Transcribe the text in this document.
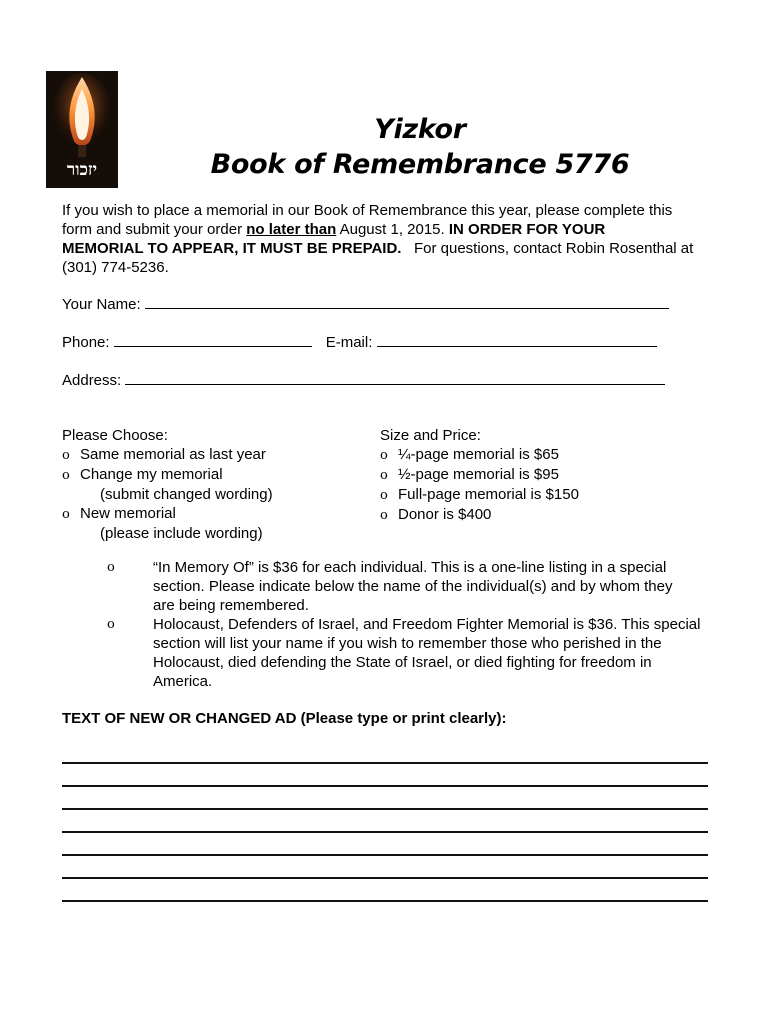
יזכור
Yizkor
Book of Remembrance 5776
If you wish to place a memorial in our Book of Remembrance this year, please complete this
form and submit your order no later than August 1, 2015. IN ORDER FOR YOUR
MEMORIAL TO APPEAR, IT MUST BE PREPAID.   For questions, contact Robin Rosenthal at
(301) 774-5236.
Your Name:
Phone:	E-mail:
Address:
Please Choose:
o Same memorial as last year
o Change my memorial
(submit changed wording)
o New memorial
(please include wording)
Size and Price:
o ¼-page memorial is $65
o ½-page memorial is $95
o Full-page memorial is $150
o Donor is $400
o	“In Memory Of” is $36 for each individual. This is a one-line listing in a special
section. Please indicate below the name of the individual(s) and by whom they
are being remembered.
o	Holocaust, Defenders of Israel, and Freedom Fighter Memorial is $36. This special
section will list your name if you wish to remember those who perished in the
Holocaust, died defending the State of Israel, or died fighting for freedom in
America.
TEXT OF NEW OR CHANGED AD (Please type or print clearly):
